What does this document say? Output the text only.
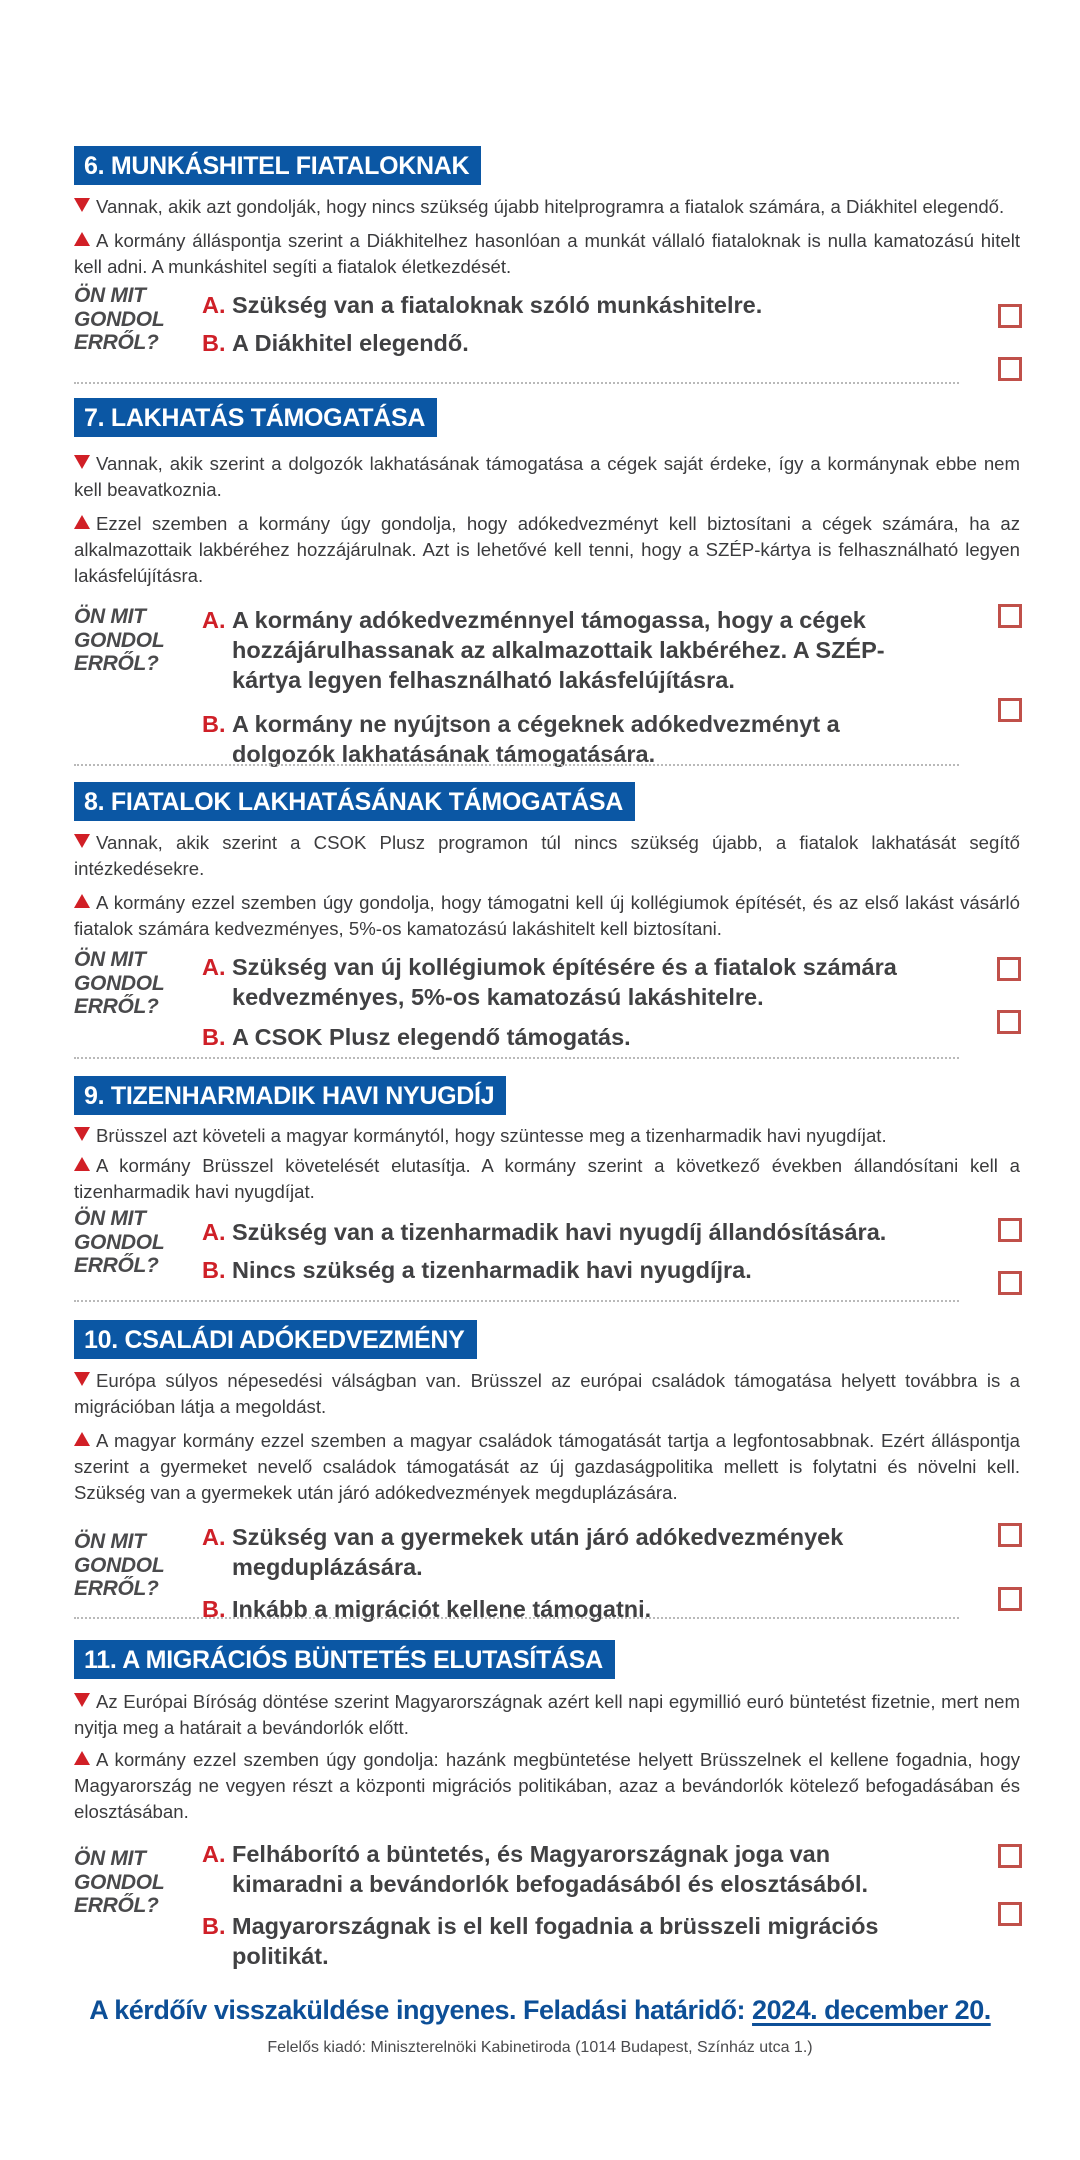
6. MUNKÁSHITEL FIATALOKNAK
Vannak, akik azt gondolják, hogy nincs szükség újabb hitelprogramra a fiatalok számára, a Diákhitel elegendő.
A kormány álláspontja szerint a Diákhitelhez hasonlóan a munkát vállaló fiataloknak is nulla kamatozású hitelt kell adni. A munkáshitel segíti a fiatalok életkezdését.
ÖN MIT
GONDOL
ERRŐL?
A. Szükség van a fiataloknak szóló munkáshitelre.
B. A Diákhitel elegendő.
7. LAKHATÁS TÁMOGATÁSA
Vannak, akik szerint a dolgozók lakhatásának támogatása a cégek saját érdeke, így a kormánynak ebbe nem kell beavatkoznia.
Ezzel szemben a kormány úgy gondolja, hogy adókedvezményt kell biztosítani a cégek számára, ha az alkalmazottaik lakbéréhez hozzájárulnak. Azt is lehetővé kell tenni, hogy a SZÉP-kártya is felhasználható legyen lakásfelújításra.
ÖN MIT
GONDOL
ERRŐL?
A. A kormány adókedvezménnyel támogassa, hogy a cégek hozzájárulhassanak az alkalmazottaik lakbéréhez. A SZÉP-kártya legyen felhasználható lakásfelújításra.
B. A kormány ne nyújtson a cégeknek adókedvezményt a dolgozók lakhatásának támogatására.
8. FIATALOK LAKHATÁSÁNAK TÁMOGATÁSA
Vannak, akik szerint a CSOK Plusz programon túl nincs szükség újabb, a fiatalok lakhatását segítő intézkedésekre.
A kormány ezzel szemben úgy gondolja, hogy támogatni kell új kollégiumok építését, és az első lakást vásárló fiatalok számára kedvezményes, 5%-os kamatozású lakáshitelt kell biztosítani.
ÖN MIT
GONDOL
ERRŐL?
A. Szükség van új kollégiumok építésére és a fiatalok számára kedvezményes, 5%-os kamatozású lakáshitelre.
B. A CSOK Plusz elegendő támogatás.
9. TIZENHARMADIK HAVI NYUGDÍJ
Brüsszel azt követeli a magyar kormánytól, hogy szüntesse meg a tizenharmadik havi nyugdíjat.
A kormány Brüsszel követelését elutasítja. A kormány szerint a következő években állandósítani kell a tizenharmadik havi nyugdíjat.
ÖN MIT
GONDOL
ERRŐL?
A. Szükség van a tizenharmadik havi nyugdíj állandósítására.
B. Nincs szükség a tizenharmadik havi nyugdíjra.
10. CSALÁDI ADÓKEDVEZMÉNY
Európa súlyos népesedési válságban van. Brüsszel az európai családok támogatása helyett továbbra is a migrációban látja a megoldást.
A magyar kormány ezzel szemben a magyar családok támogatását tartja a legfontosabbnak. Ezért álláspontja szerint a gyermeket nevelő családok támogatását az új gazdaságpolitika mellett is folytatni és növelni kell. Szükség van a gyermekek után járó adókedvezmények megduplázására.
ÖN MIT
GONDOL
ERRŐL?
A. Szükség van a gyermekek után járó adókedvezmények megduplázására.
B. Inkább a migrációt kellene támogatni.
11. A MIGRÁCIÓS BÜNTETÉS ELUTASÍTÁSA
Az Európai Bíróság döntése szerint Magyarországnak azért kell napi egymillió euró büntetést fizetnie, mert nem nyitja meg a határait a bevándorlók előtt.
A kormány ezzel szemben úgy gondolja: hazánk megbüntetése helyett Brüsszelnek el kellene fogadnia, hogy Magyarország ne vegyen részt a központi migrációs politikában, azaz a bevándorlók kötelező befogadásában és elosztásában.
ÖN MIT
GONDOL
ERRŐL?
A. Felháborító a büntetés, és Magyarországnak joga van kimaradni a bevándorlók befogadásából és elosztásából.
B. Magyarországnak is el kell fogadnia a brüsszeli migrációs politikát.
A kérdőív visszaküldése ingyenes. Feladási határidő: 2024. december 20.
Felelős kiadó: Miniszterelnöki Kabinetiroda (1014 Budapest, Színház utca 1.)
